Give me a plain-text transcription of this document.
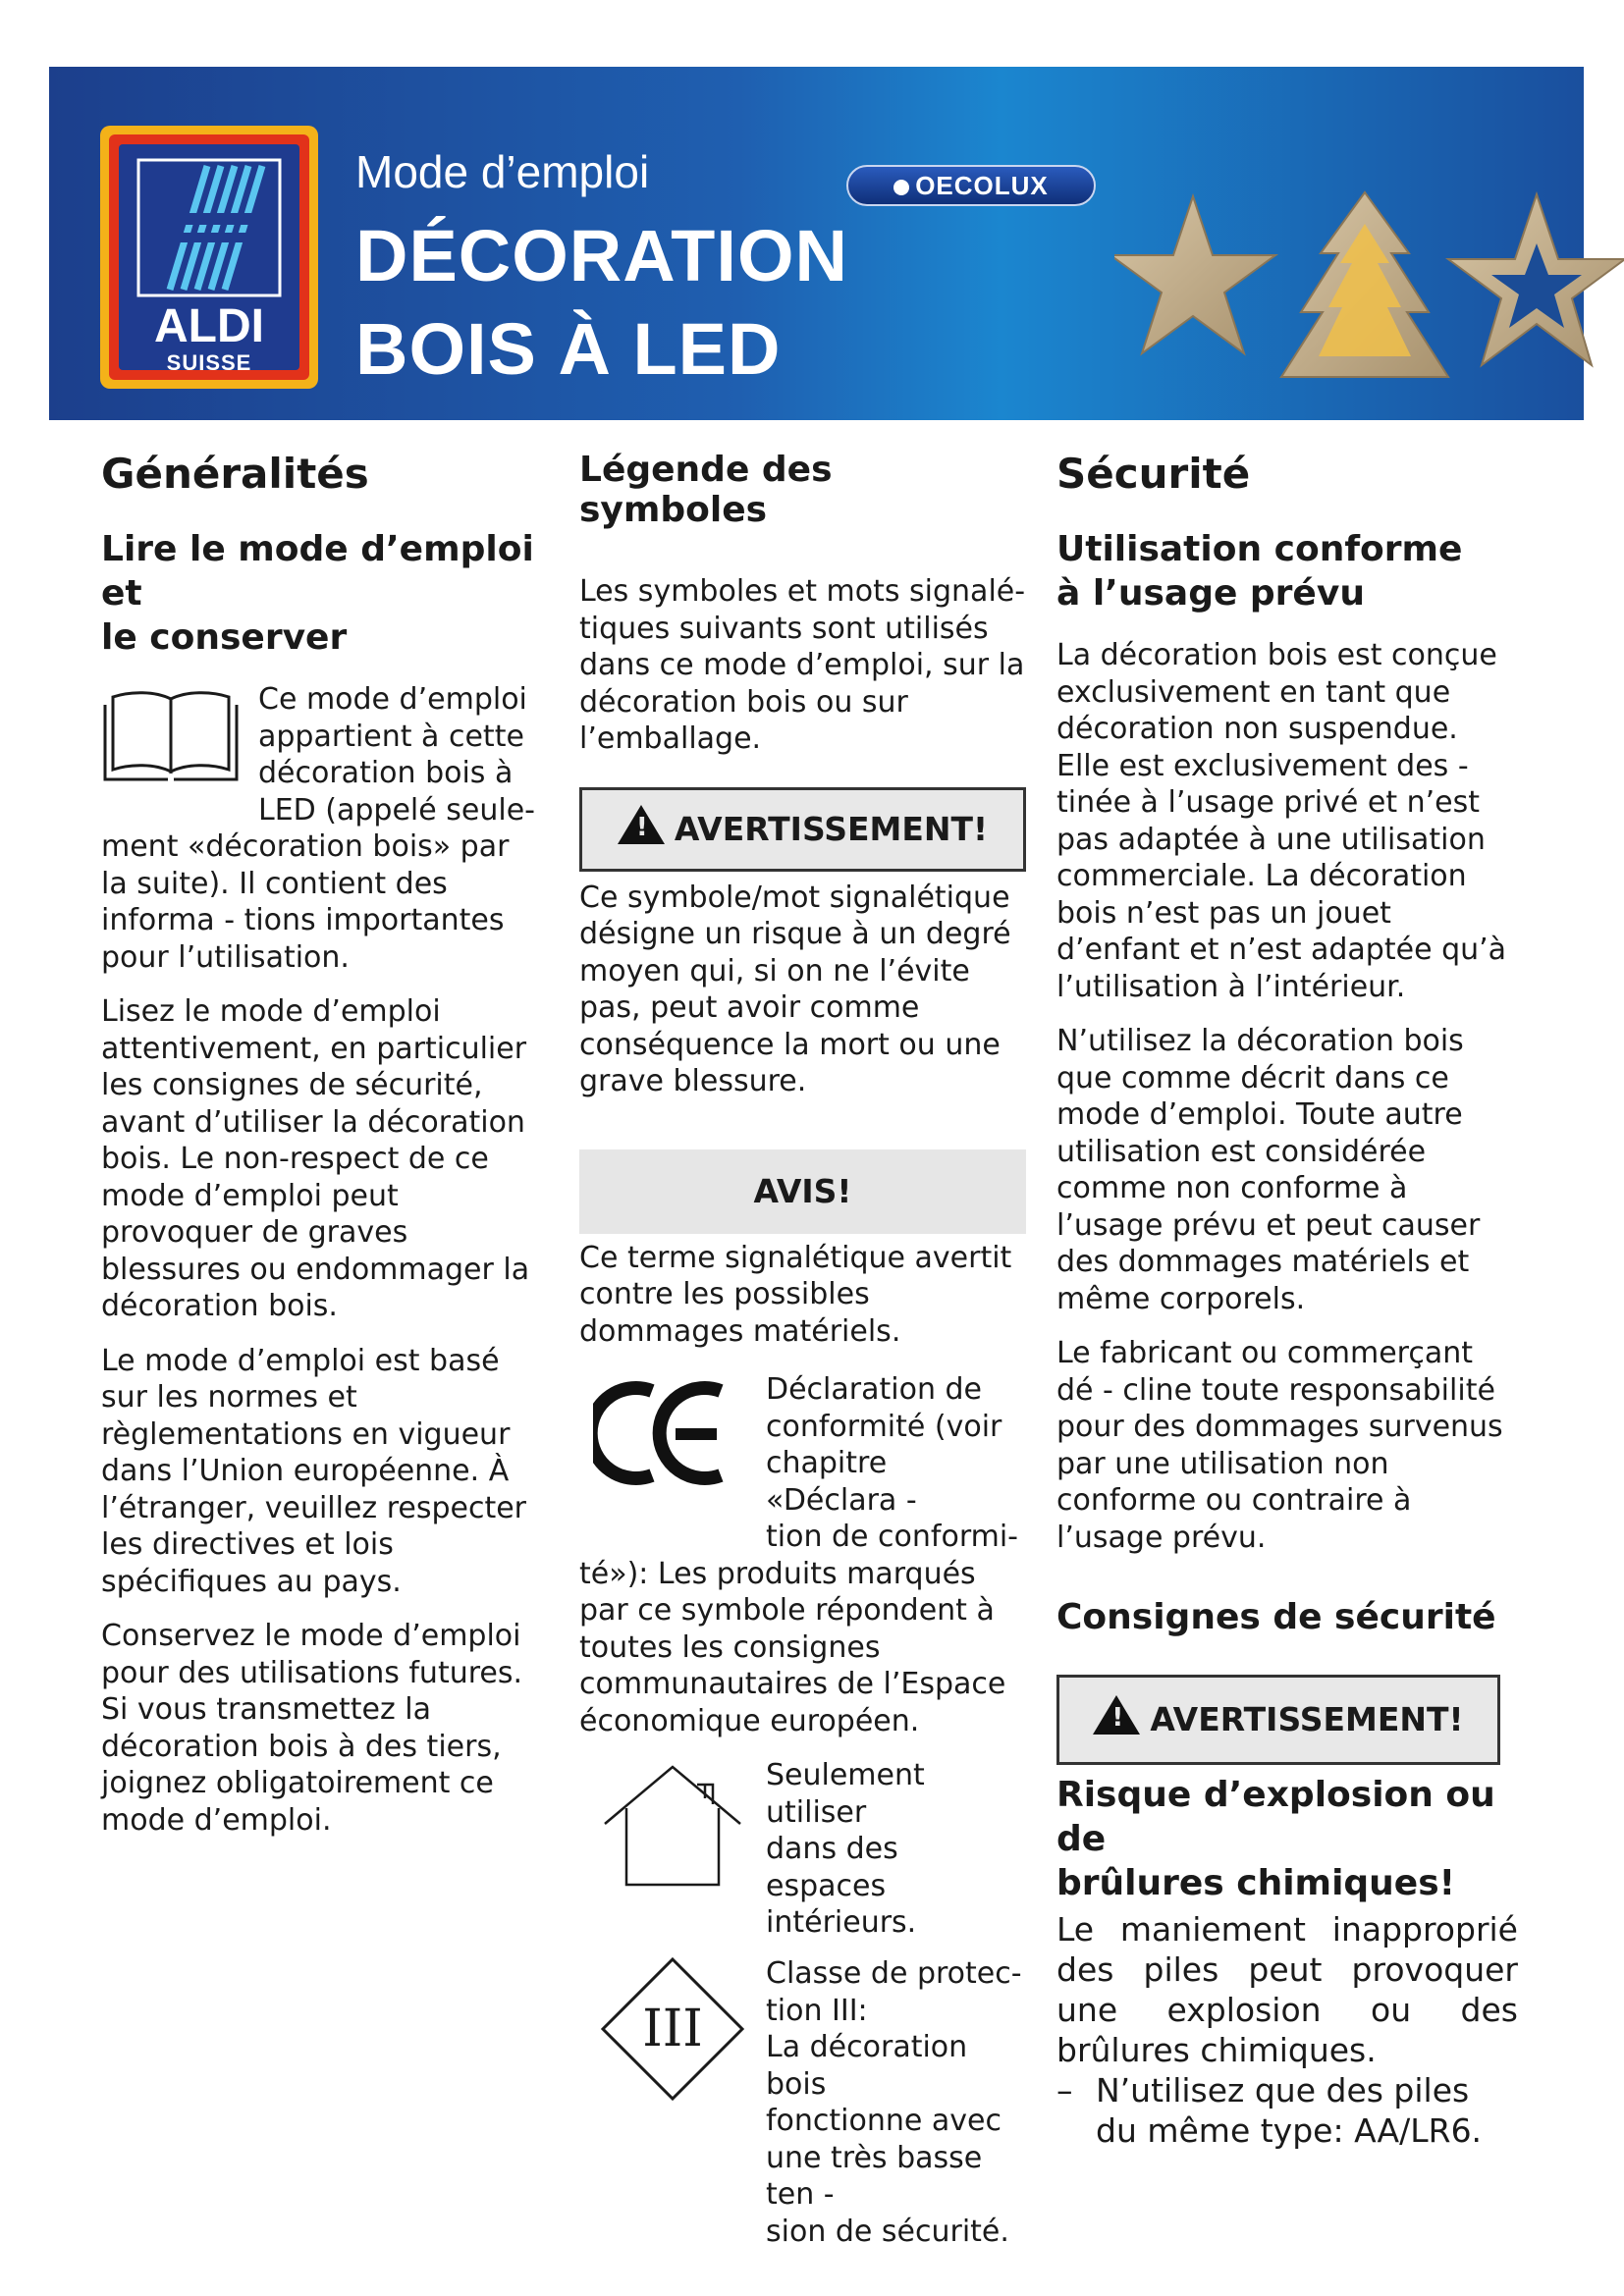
ALDI
SUISSE
Mode d’emploi
DÉCORATION
BOIS À LED
OECOLUX
Généralités
Lire le mode d’emploi et
le conserver

Ce mode d’emploi

appartient à cette

décoration bois à

LED (appelé seule-

ment «décoration bois» par la suite). Il contient des informa - tions importantes pour l’utilisation.

Lisez le mode d’emploi attentivement, en particulier les consignes de sécurité, avant d’utiliser la décoration bois. Le non-respect de ce mode d’emploi peut provoquer de graves blessures ou endommager la décoration bois.

Le mode d’emploi est basé sur les normes et règlementations en vigueur dans l’Union européenne. À l’étranger, veuillez respecter les directives et lois spécifiques au pays.

Conservez le mode d’emploi pour des utilisations futures. Si vous transmettez la décoration bois à des tiers, joignez obligatoirement ce mode d’emploi.

Légende des symboles

Les symboles et mots signalétiques suivants sont utilisés dans ce mode d’emploi, sur la décoration bois ou sur l’emballage.

!AVERTISSEMENT!

Ce symbole/mot signalétique désigne un risque à un degré moyen qui, si on ne l’évite pas, peut avoir comme conséquence la mort ou une grave blessure.

AVIS!

Ce terme signalétique avertit contre les possibles dommages matériels.

Déclaration de

conformité (voir

chapitre «Déclara -

tion de conformi-

té»): Les produits marqués par ce symbole répondent à toutes les consignes communautaires de l’Espace économique européen.

Seulement utiliser

dans des espaces

intérieurs.

III

Classe de protec-

tion III:

La décoration bois

fonctionne avec

une très basse ten -

sion de sécurité.

Sécurité
Utilisation conforme
à l’usage prévu

La décoration bois est conçue exclusivement en tant que décoration non suspendue. Elle est exclusivement des - tinée à l’usage privé et n’est pas adaptée à une utilisation commerciale. La décoration bois n’est pas un jouet d’enfant et n’est adaptée qu’à l’utilisation à l’intérieur.

N’utilisez la décoration bois que comme décrit dans ce mode d’emploi. Toute autre utilisation est considérée comme non conforme à l’usage prévu et peut causer des dommages matériels et même corporels.

Le fabricant ou commerçant dé - cline toute responsabilité pour des dommages survenus par une utilisation non conforme ou contraire à l’usage prévu.

Consignes de sécurité
!AVERTISSEMENT!
Risque d’explosion ou de
brûlures chimiques!

Le maniement inapproprié des piles peut provoquer une explosion ou des brûlures chimiques.

– N’utilisez que des piles du même type: AA/LR6.
